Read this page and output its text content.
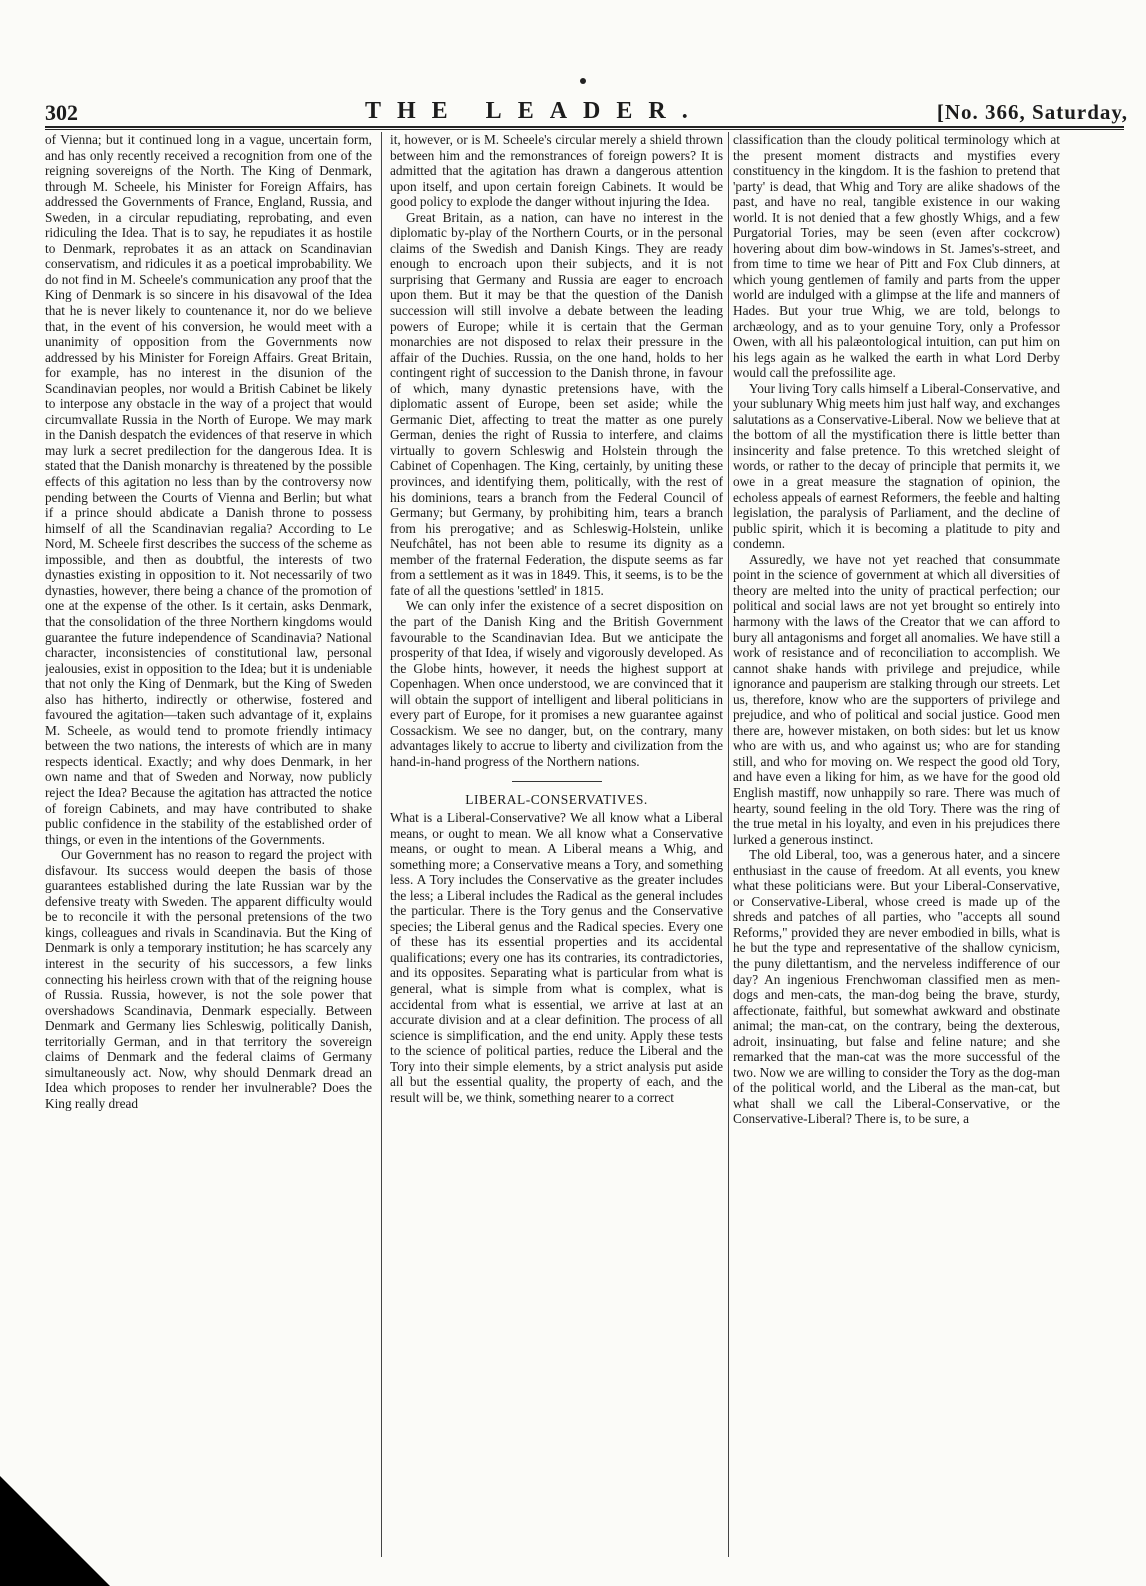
302	THE LEADER.	[No. 366, Saturday,

of Vienna; but it continued long in a vague, uncertain form, and has only recently received a recognition from one of the reigning sovereigns of the North. The King of Denmark, through M. Scheele, his Minister for Foreign Affairs, has addressed the Governments of France, England, Russia, and Sweden, in a circular repudiating, reprobating, and even ridiculing the Idea. That is to say, he repudiates it as hostile to Denmark, reprobates it as an attack on Scandinavian conservatism, and ridicules it as a poetical improbability. We do not find in M. Scheele's communication any proof that the King of Denmark is so sincere in his disavowal of the Idea that he is never likely to countenance it, nor do we believe that, in the event of his conversion, he would meet with a unanimity of opposition from the Governments now addressed by his Minister for Foreign Affairs. Great Britain, for example, has no interest in the disunion of the Scandinavian peoples, nor would a British Cabinet be likely to interpose any obstacle in the way of a project that would circumvallate Russia in the North of Europe. We may mark in the Danish despatch the evidences of that reserve in which may lurk a secret predilection for the dangerous Idea. It is stated that the Danish monarchy is threatened by the possible effects of this agitation no less than by the controversy now pending between the Courts of Vienna and Berlin; but what if a prince should abdicate a Danish throne to possess himself of all the Scandinavian regalia? According to Le Nord, M. Scheele first describes the success of the scheme as impossible, and then as doubtful, the interests of two dynasties existing in opposition to it. Not necessarily of two dynasties, however, there being a chance of the promotion of one at the expense of the other. Is it certain, asks Denmark, that the consolidation of the three Northern kingdoms would guarantee the future independence of Scandinavia? National character, inconsistencies of constitutional law, personal jealousies, exist in opposition to the Idea; but it is undeniable that not only the King of Denmark, but the King of Sweden also has hitherto, indirectly or otherwise, fostered and favoured the agitation—taken such advantage of it, explains M. Scheele, as would tend to promote friendly intimacy between the two nations, the interests of which are in many respects identical. Exactly; and why does Denmark, in her own name and that of Sweden and Norway, now publicly reject the Idea? Because the agitation has attracted the notice of foreign Cabinets, and may have contributed to shake public confidence in the stability of the established order of things, or even in the intentions of the Governments.

Our Government has no reason to regard the project with disfavour. Its success would deepen the basis of those guarantees established during the late Russian war by the defensive treaty with Sweden. The apparent difficulty would be to reconcile it with the personal pretensions of the two kings, colleagues and rivals in Scandinavia. But the King of Denmark is only a temporary institution; he has scarcely any interest in the security of his successors, a few links connecting his heirless crown with that of the reigning house of Russia. Russia, however, is not the sole power that overshadows Scandinavia, Denmark especially. Between Denmark and Germany lies Schleswig, politically Danish, territorially German, and in that territory the sovereign claims of Denmark and the federal claims of Germany simultaneously act. Now, why should Denmark dread an Idea which proposes to render her invulnerable? Does the King really dread

it, however, or is M. Scheele's circular merely a shield thrown between him and the remonstrances of foreign powers? It is admitted that the agitation has drawn a dangerous attention upon itself, and upon certain foreign Cabinets. It would be good policy to explode the danger without injuring the Idea.

Great Britain, as a nation, can have no interest in the diplomatic by-play of the Northern Courts, or in the personal claims of the Swedish and Danish Kings. They are ready enough to encroach upon their subjects, and it is not surprising that Germany and Russia are eager to encroach upon them. But it may be that the question of the Danish succession will still involve a debate between the leading powers of Europe; while it is certain that the German monarchies are not disposed to relax their pressure in the affair of the Duchies. Russia, on the one hand, holds to her contingent right of succession to the Danish throne, in favour of which, many dynastic pretensions have, with the diplomatic assent of Europe, been set aside; while the Germanic Diet, affecting to treat the matter as one purely German, denies the right of Russia to interfere, and claims virtually to govern Schleswig and Holstein through the Cabinet of Copenhagen. The King, certainly, by uniting these provinces, and identifying them, politically, with the rest of his dominions, tears a branch from the Federal Council of Germany; but Germany, by prohibiting him, tears a branch from his prerogative; and as Schleswig-Holstein, unlike Neufchâtel, has not been able to resume its dignity as a member of the fraternal Federation, the dispute seems as far from a settlement as it was in 1849. This, it seems, is to be the fate of all the questions 'settled' in 1815.

We can only infer the existence of a secret disposition on the part of the Danish King and the British Government favourable to the Scandinavian Idea. But we anticipate the prosperity of that Idea, if wisely and vigorously developed. As the Globe hints, however, it needs the highest support at Copenhagen. When once understood, we are convinced that it will obtain the support of intelligent and liberal politicians in every part of Europe, for it promises a new guarantee against Cossackism. We see no danger, but, on the contrary, many advantages likely to accrue to liberty and civilization from the hand-in-hand progress of the Northern nations.

LIBERAL-CONSERVATIVES.

What is a Liberal-Conservative? We all know what a Liberal means, or ought to mean. We all know what a Conservative means, or ought to mean. A Liberal means a Whig, and something more; a Conservative means a Tory, and something less. A Tory includes the Conservative as the greater includes the less; a Liberal includes the Radical as the general includes the particular. There is the Tory genus and the Conservative species; the Liberal genus and the Radical species. Every one of these has its essential properties and its accidental qualifications; every one has its contraries, its contradictories, and its opposites. Separating what is particular from what is general, what is simple from what is complex, what is accidental from what is essential, we arrive at last at an accurate division and at a clear definition. The process of all science is simplification, and the end unity. Apply these tests to the science of political parties, reduce the Liberal and the Tory into their simple elements, by a strict analysis put aside all but the essential quality, the property of each, and the result will be, we think, something nearer to a correct

classification than the cloudy political terminology which at the present moment distracts and mystifies every constituency in the kingdom. It is the fashion to pretend that 'party' is dead, that Whig and Tory are alike shadows of the past, and have no real, tangible existence in our waking world. It is not denied that a few ghostly Whigs, and a few Purgatorial Tories, may be seen (even after cockcrow) hovering about dim bow-windows in St. James's-street, and from time to time we hear of Pitt and Fox Club dinners, at which young gentlemen of family and parts from the upper world are indulged with a glimpse at the life and manners of Hades. But your true Whig, we are told, belongs to archæology, and as to your genuine Tory, only a Professor Owen, with all his palæontological intuition, can put him on his legs again as he walked the earth in what Lord Derby would call the prefossilite age.

Your living Tory calls himself a Liberal-Conservative, and your sublunary Whig meets him just half way, and exchanges salutations as a Conservative-Liberal. Now we believe that at the bottom of all the mystification there is little better than insincerity and false pretence. To this wretched sleight of words, or rather to the decay of principle that permits it, we owe in a great measure the stagnation of opinion, the echoless appeals of earnest Reformers, the feeble and halting legislation, the paralysis of Parliament, and the decline of public spirit, which it is becoming a platitude to pity and condemn.

Assuredly, we have not yet reached that consummate point in the science of government at which all diversities of theory are melted into the unity of practical perfection; our political and social laws are not yet brought so entirely into harmony with the laws of the Creator that we can afford to bury all antagonisms and forget all anomalies. We have still a work of resistance and of reconciliation to accomplish. We cannot shake hands with privilege and prejudice, while ignorance and pauperism are stalking through our streets. Let us, therefore, know who are the supporters of privilege and prejudice, and who of political and social justice. Good men there are, however mistaken, on both sides: but let us know who are with us, and who against us; who are for standing still, and who for moving on. We respect the good old Tory, and have even a liking for him, as we have for the good old English mastiff, now unhappily so rare. There was much of hearty, sound feeling in the old Tory. There was the ring of the true metal in his loyalty, and even in his prejudices there lurked a generous instinct.

The old Liberal, too, was a generous hater, and a sincere enthusiast in the cause of freedom. At all events, you knew what these politicians were. But your Liberal-Conservative, or Conservative-Liberal, whose creed is made up of the shreds and patches of all parties, who "accepts all sound Reforms," provided they are never embodied in bills, what is he but the type and representative of the shallow cynicism, the puny dilettantism, and the nerveless indifference of our day? An ingenious Frenchwoman classified men as men-dogs and men-cats, the man-dog being the brave, sturdy, affectionate, faithful, but somewhat awkward and obstinate animal; the man-cat, on the contrary, being the dexterous, adroit, insinuating, but false and feline nature; and she remarked that the man-cat was the more successful of the two. Now we are willing to consider the Tory as the dog-man of the political world, and the Liberal as the man-cat, but what shall we call the Liberal-Conservative, or the Conservative-Liberal? There is, to be sure, a
